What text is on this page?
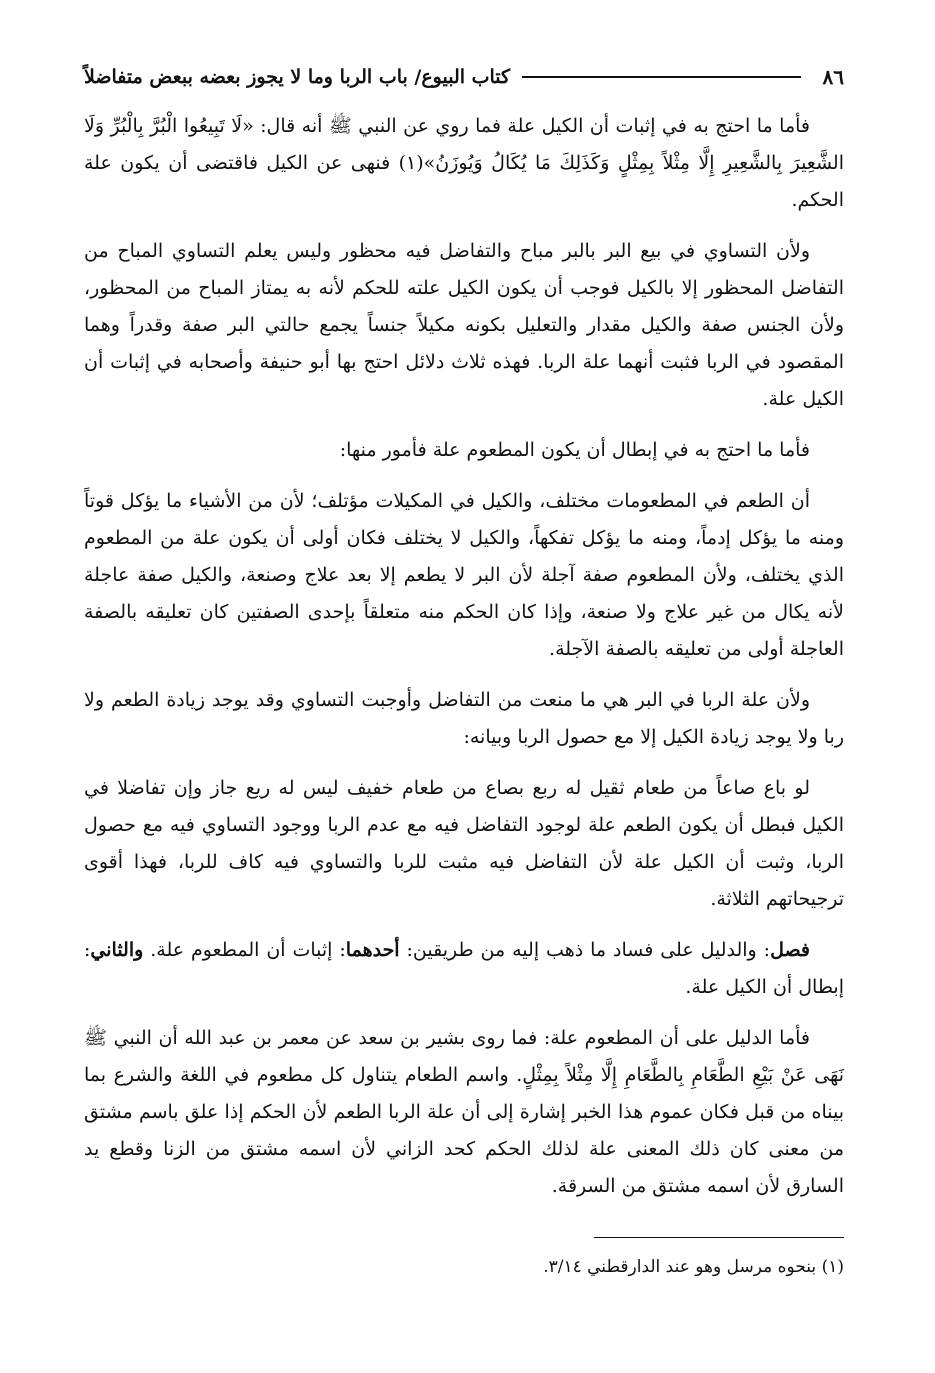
٨٦
كتاب البيوع/ باب الربا وما لا يجوز بعضه ببعض متفاضلاً

فأما ما احتج به في إثبات أن الكيل علة فما روي عن النبي ﷺ أنه قال: «لَا تَبِيعُوا الْبُرَّ بِالْبُرِّ وَلَا الشَّعِيرَ بِالشَّعِيرِ إِلَّا مِثْلاً بِمِثْلٍ وَكَذَلِكَ مَا يُكَالُ وَيُوزَنُ»(١) فنهى عن الكيل فاقتضى أن يكون علة الحكم.

ولأن التساوي في بيع البر بالبر مباح والتفاضل فيه محظور وليس يعلم التساوي المباح من التفاضل المحظور إلا بالكيل فوجب أن يكون الكيل علته للحكم لأنه به يمتاز المباح من المحظور، ولأن الجنس صفة والكيل مقدار والتعليل بكونه مكيلاً جنساً يجمع حالتي البر صفة وقدراً وهما المقصود في الربا فثبت أنهما علة الربا. فهذه ثلاث دلائل احتج بها أبو حنيفة وأصحابه في إثبات أن الكيل علة.

فأما ما احتج به في إبطال أن يكون المطعوم علة فأمور منها:

أن الطعم في المطعومات مختلف، والكيل في المكيلات مؤتلف؛ لأن من الأشياء ما يؤكل قوتاً ومنه ما يؤكل إدماً، ومنه ما يؤكل تفكهاً، والكيل لا يختلف فكان أولى أن يكون علة من المطعوم الذي يختلف، ولأن المطعوم صفة آجلة لأن البر لا يطعم إلا بعد علاج وصنعة، والكيل صفة عاجلة لأنه يكال من غير علاج ولا صنعة، وإذا كان الحكم منه متعلقاً بإحدى الصفتين كان تعليقه بالصفة العاجلة أولى من تعليقه بالصفة الآجلة.

ولأن علة الربا في البر هي ما منعت من التفاضل وأوجبت التساوي وقد يوجد زيادة الطعم ولا ربا ولا يوجد زيادة الكيل إلا مع حصول الربا وبيانه:

لو باع صاعاً من طعام ثقيل له ربع بصاع من طعام خفيف ليس له ريع جاز وإن تفاضلا في الكيل فبطل أن يكون الطعم علة لوجود التفاضل فيه مع عدم الربا ووجود التساوي فيه مع حصول الربا، وثبت أن الكيل علة لأن التفاضل فيه مثبت للربا والتساوي فيه كاف للربا، فهذا أقوى ترجيحاتهم الثلاثة.

فصل: والدليل على فساد ما ذهب إليه من طريقين: أحدهما: إثبات أن المطعوم علة. والثاني: إبطال أن الكيل علة.

فأما الدليل على أن المطعوم علة: فما روى بشير بن سعد عن معمر بن عبد الله أن النبي ﷺ نَهَى عَنْ بَيْعِ الطَّعَامِ بِالطَّعَامِ إِلَّا مِثْلاً بِمِثْلٍ. واسم الطعام يتناول كل مطعوم في اللغة والشرع بما بيناه من قبل فكان عموم هذا الخبر إشارة إلى أن علة الربا الطعم لأن الحكم إذا علق باسم مشتق من معنى كان ذلك المعنى علة لذلك الحكم كحد الزاني لأن اسمه مشتق من الزنا وقطع يد السارق لأن اسمه مشتق من السرقة.

(١) بنحوه مرسل وهو عند الدارقطني ٣/١٤.
